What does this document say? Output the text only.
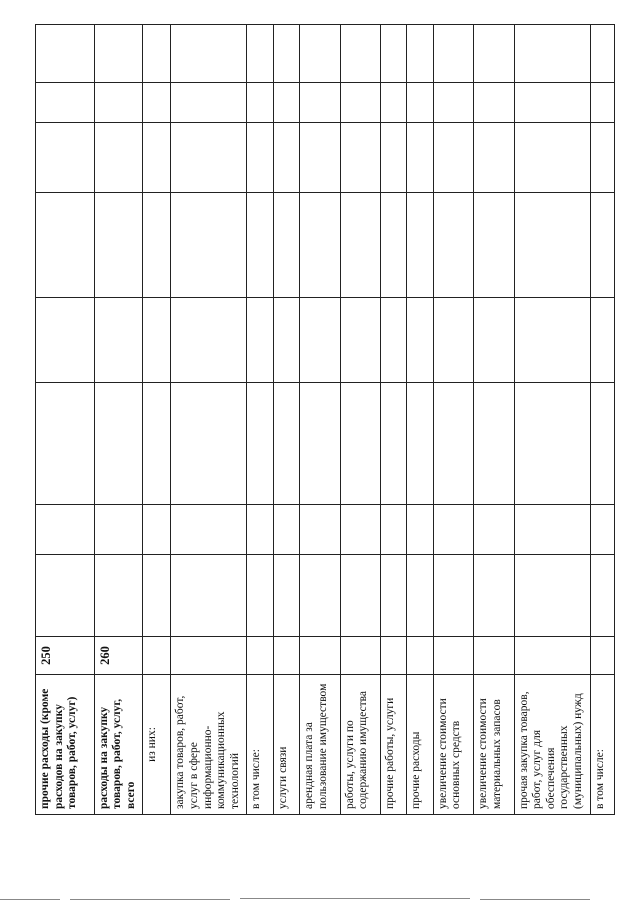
прочие расходы (кроме расходов на закупку товаров, работ, услуг)	250								
расходы на закупку товаров, работ, услуг, всего	260								
из них:									
закупка товаров, работ, услуг в сфере информационно-коммуникационных технологий									
в том числе:									
услуги связи									
арендная плата за пользование имуществом									
работы, услуги по содержанию имущества									
прочие работы, услуги									
прочие расходы									
увеличение стоимости основных средств									
увеличение стоимости материальных запасов									
прочая закупка товаров, работ, услуг для обеспечения государственных (муниципальных) нужд									
в том числе:									
